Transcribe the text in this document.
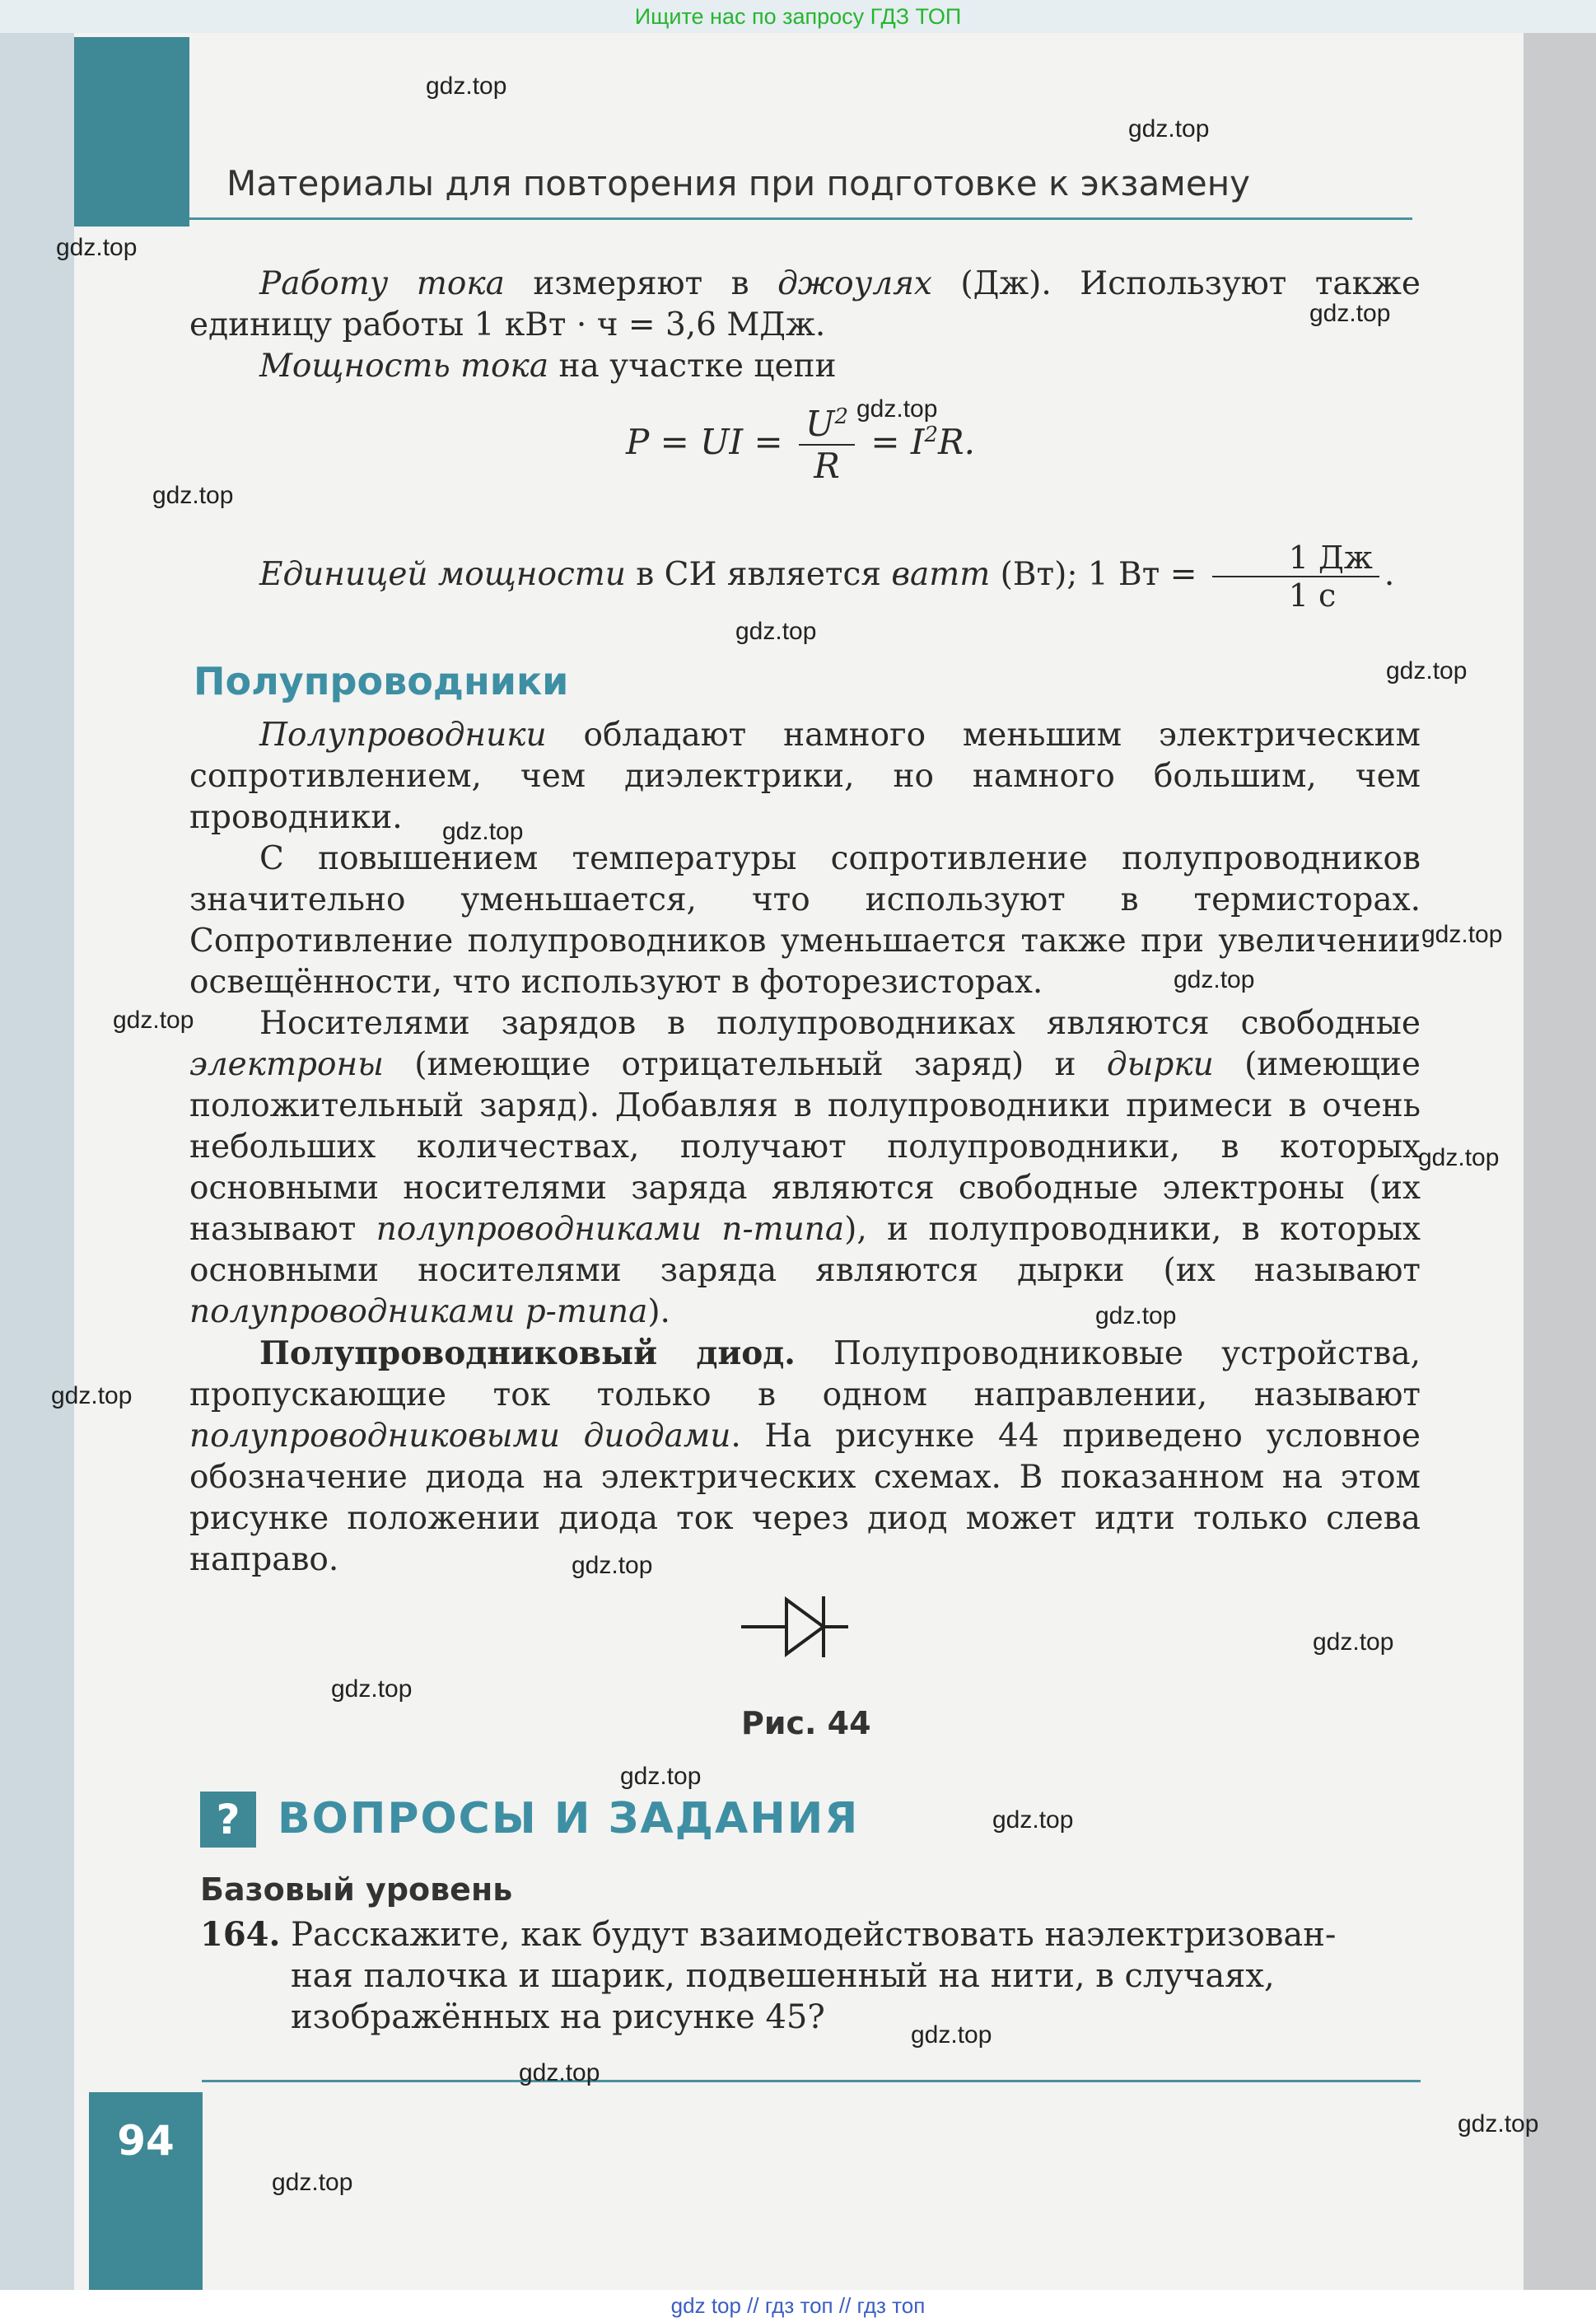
Ищите нас по запросу ГДЗ ТОП
Материалы для повторения при подготовке к экзамену

Работу тока измеряют в джоулях (Дж). Используют также единицу работы 1 кВт · ч = 3,6 МДж.

Мощность тока на участке цепи

P = UI = $\frac{U^2}{R} = I^2R$.

Единицей мощности в СИ является ватт (Вт); 1 Вт = $\frac{1 Дж}{1 с}$ .

Полупроводники

Полупроводники обладают намного меньшим электрическим сопротивлением, чем диэлектрики, но намного большим, чем проводники.

С повышением температуры сопротивление полупроводников значительно уменьшается, что используют в термисторах. Сопротивление полупроводников уменьшается также при увеличении освещённости, что используют в фоторезисторах.

Носителями зарядов в полупроводниках являются свободные электроны (имеющие отрицательный заряд) и дырки (имеющие положительный заряд). Добавляя в полупроводники примеси в очень небольших количествах, получают полупроводники, в которых основными носителями заряда являются свободные электроны (их называют полупроводниками n-типа), и полупроводники, в которых основными носителями заряда являются дырки (их называют полупроводниками p-типа).

Полупроводниковый диод. Полупроводниковые устройства, пропускающие ток только в одном направлении, называют полупроводниковыми диодами. На рисунке 44 приведено условное обозначение диода на электрических схемах. В показанном на этом рисунке положении диода ток через диод может идти только слева направо.

Рис. 44
? ВОПРОСЫ И ЗАДАНИЯ
Базовый уровень
164. Расскажите, как будут взаимодействовать наэлектризован-
ная палочка и шарик, подвешенный на нити, в случаях,
изображённых на рисунке 45?
94
gdz.top
gdz.top
gdz.top
gdz.top
gdz.top
gdz.top
gdz.top
gdz.top
gdz.top
gdz.top
gdz.top
gdz.top
gdz.top
gdz.top
gdz.top
gdz.top
gdz.top
gdz.top
gdz.top
gdz.top
gdz.top
gdz.top
gdz.top
gdz.top
gdz top // гдз топ // гдз топ
